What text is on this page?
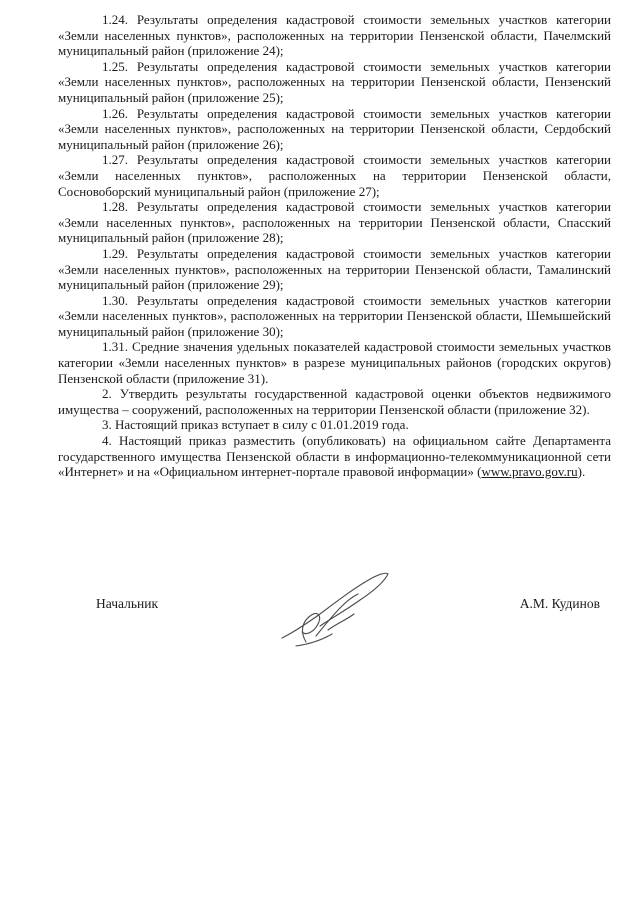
1.24. Результаты определения кадастровой стоимости земельных участков категории «Земли населенных пунктов», расположенных на территории Пензенской области, Пачелмский муниципальный район (приложение 24);

1.25. Результаты определения кадастровой стоимости земельных участков категории «Земли населенных пунктов», расположенных на территории Пензенской области, Пензенский муниципальный район (приложение 25);

1.26. Результаты определения кадастровой стоимости земельных участков категории «Земли населенных пунктов», расположенных на территории Пензенской области, Сердобский муниципальный район (приложение 26);

1.27. Результаты определения кадастровой стоимости земельных участков категории «Земли населенных пунктов», расположенных на территории Пензенской области, Сосновоборский муниципальный район (приложение 27);

1.28. Результаты определения кадастровой стоимости земельных участков категории «Земли населенных пунктов», расположенных на территории Пензенской области, Спасский муниципальный район (приложение 28);

1.29. Результаты определения кадастровой стоимости земельных участков категории «Земли населенных пунктов», расположенных на территории Пензенской области, Тамалинский муниципальный район (приложение 29);

1.30. Результаты определения кадастровой стоимости земельных участков категории «Земли населенных пунктов», расположенных на территории Пензенской области, Шемышейский муниципальный район (приложение 30);

1.31. Средние значения удельных показателей кадастровой стоимости земельных участков категории «Земли населенных пунктов» в разрезе муниципальных районов (городских округов) Пензенской области (приложение 31).

2. Утвердить результаты государственной кадастровой оценки объектов недвижимого имущества – сооружений, расположенных на территории Пензенской области (приложение 32).

3. Настоящий приказ вступает в силу с 01.01.2019 года.

4. Настоящий приказ разместить (опубликовать) на официальном сайте Департамента государственного имущества Пензенской области в информационно-телекоммуникационной сети «Интернет» и на «Официальном интернет-портале правовой информации» (www.pravo.gov.ru).

Начальник	А.М. Кудинов
